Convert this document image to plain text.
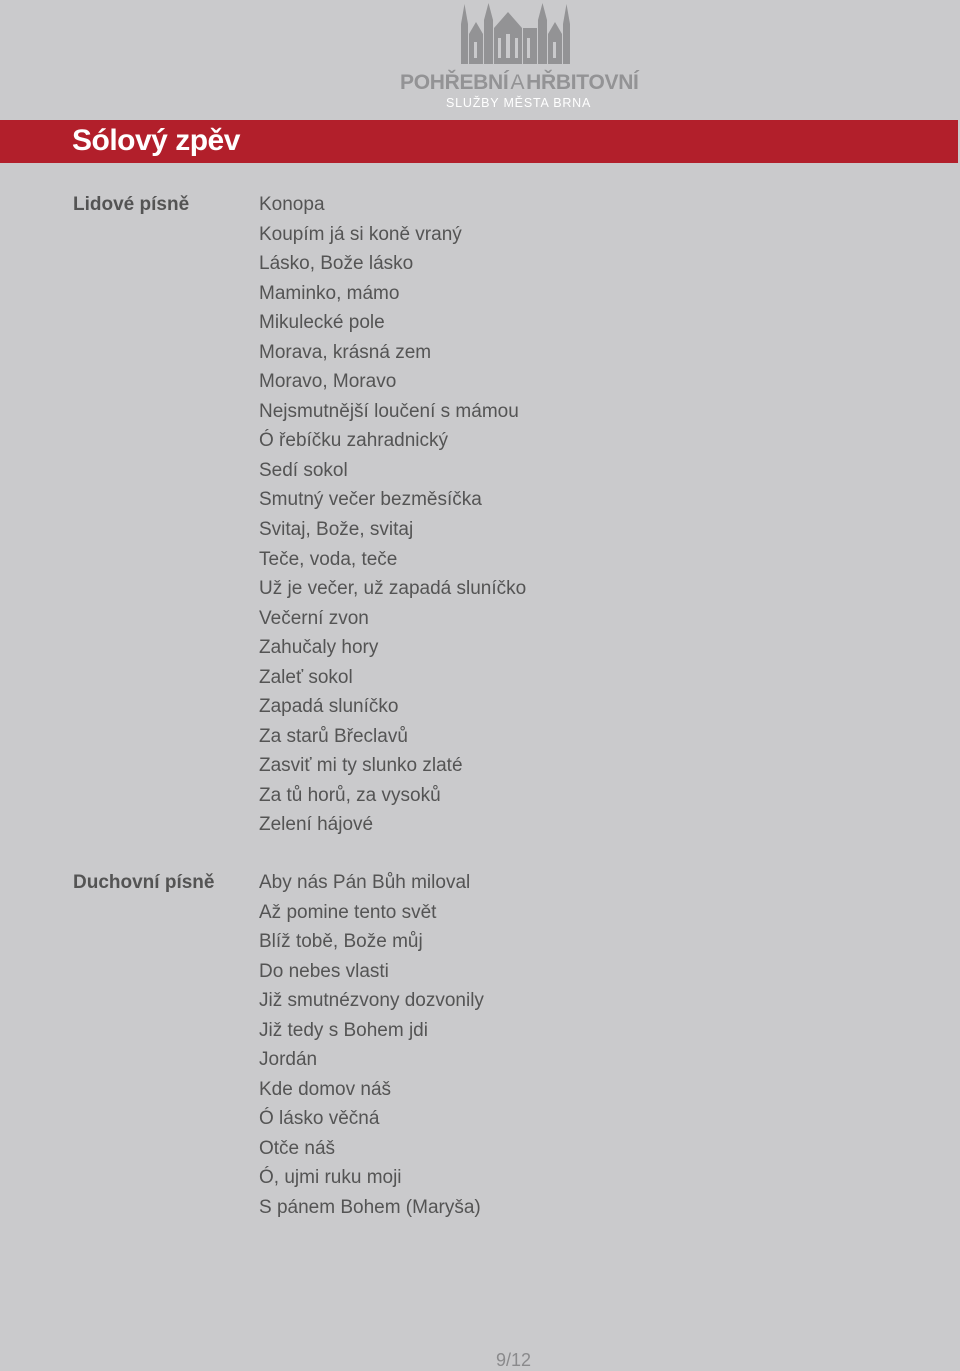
POHŘEBNÍAHŘBITOVNÍ
SLUŽBY MĚSTA BRNA
Sólový zpěv
Lidové písně	Konopa
Koupím já si koně vraný
Lásko, Bože lásko
Maminko, mámo
Mikulecké pole
Morava, krásná zem
Moravo, Moravo
Nejsmutnější loučení s mámou
Ó řebíčku zahradnický
Sedí sokol
Smutný večer bezměsíčka
Svitaj, Bože, svitaj
Teče, voda, teče
Už je večer, už zapadá sluníčko
Večerní zvon
Zahučaly hory
Zaleť sokol
Zapadá sluníčko
Za starů Břeclavů
Zasviť mi ty slunko zlaté
Za tů horů, za vysoků
Zelení hájové
Duchovní písně Aby nás Pán Bůh miloval
Až pomine tento svět
Blíž tobě, Bože můj
Do nebes vlasti
Již smutnézvony dozvonily
Již tedy s Bohem jdi
Jordán
Kde domov náš
Ó lásko věčná
Otče náš
Ó, ujmi ruku moji
S pánem Bohem (Maryša)
9/12
